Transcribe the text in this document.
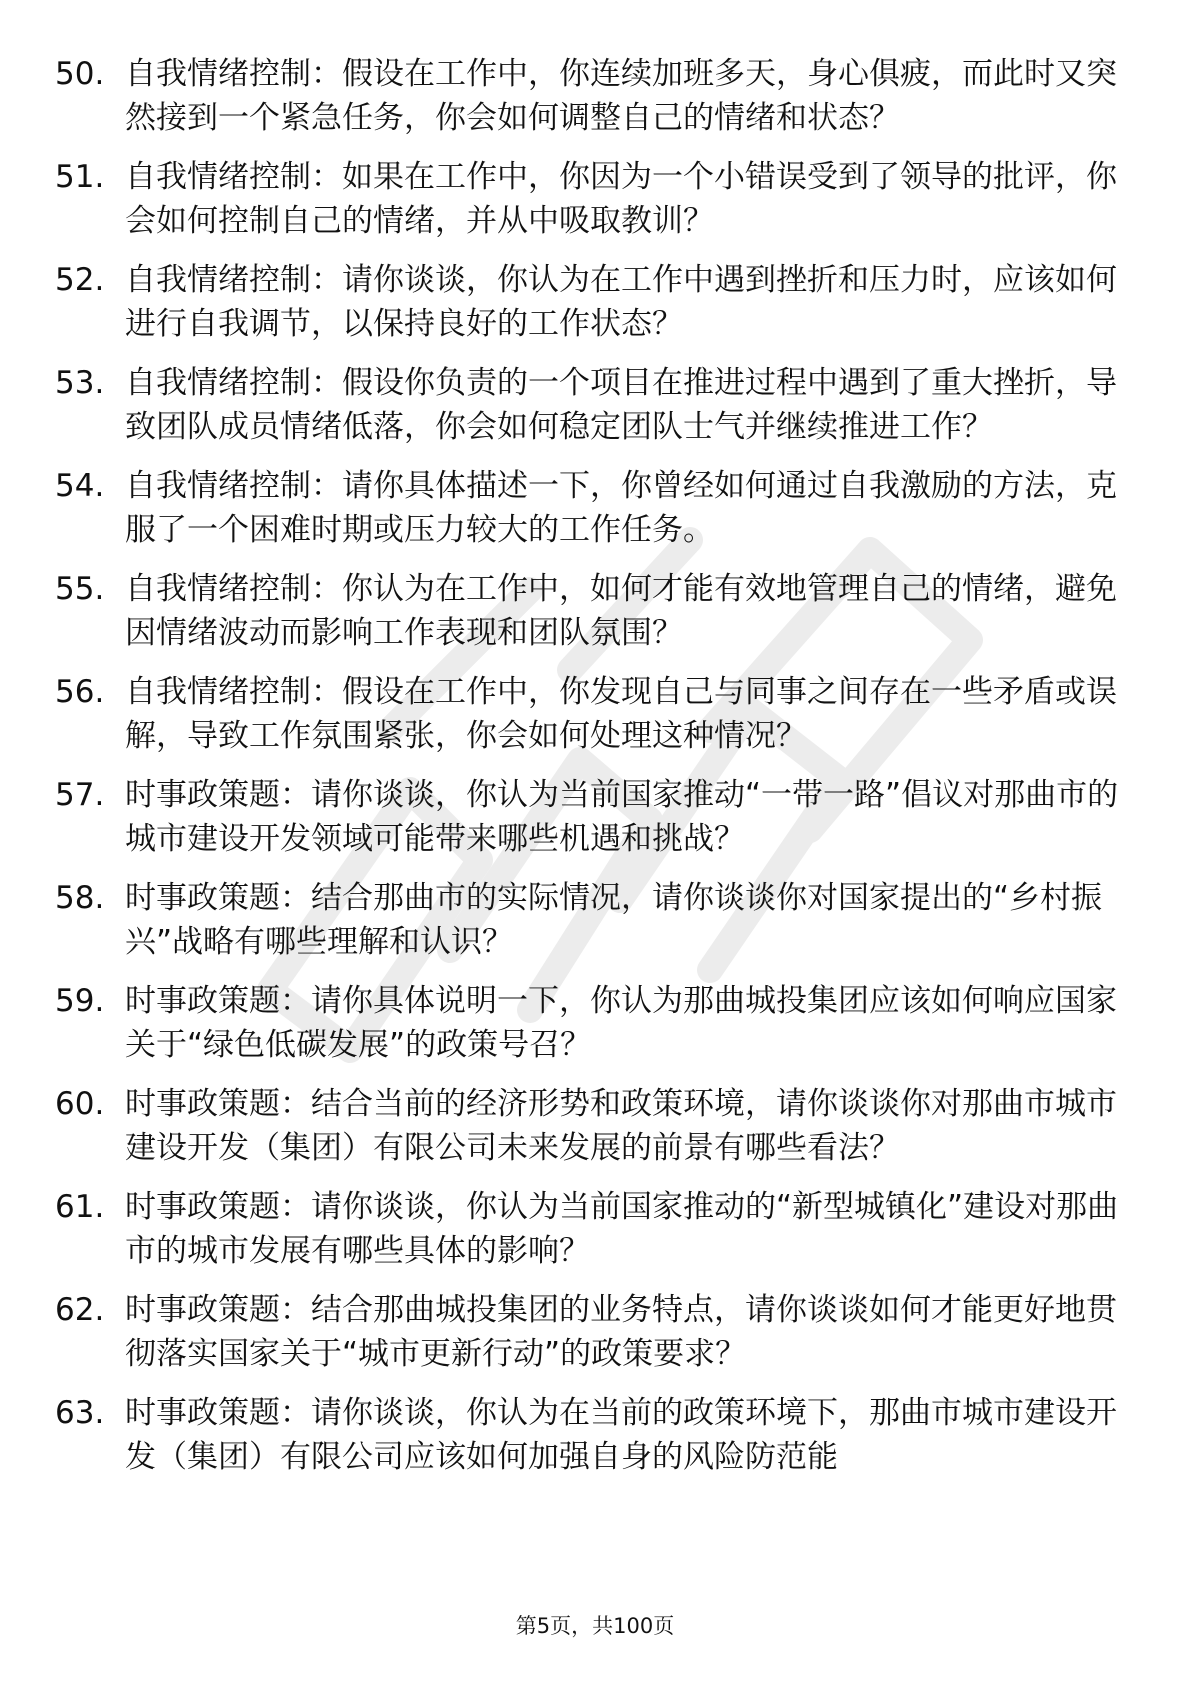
50. 自我情绪控制：假设在工作中，你连续加班多天，身心俱疲，而此时又突然接到一个紧急任务，你会如何调整自己的情绪和状态？
51. 自我情绪控制：如果在工作中，你因为一个小错误受到了领导的批评，你会如何控制自己的情绪，并从中吸取教训？
52. 自我情绪控制：请你谈谈，你认为在工作中遇到挫折和压力时，应该如何进行自我调节，以保持良好的工作状态？
53. 自我情绪控制：假设你负责的一个项目在推进过程中遇到了重大挫折，导致团队成员情绪低落，你会如何稳定团队士气并继续推进工作？
54. 自我情绪控制：请你具体描述一下，你曾经如何通过自我激励的方法，克服了一个困难时期或压力较大的工作任务。
55. 自我情绪控制：你认为在工作中，如何才能有效地管理自己的情绪，避免因情绪波动而影响工作表现和团队氛围？
56. 自我情绪控制：假设在工作中，你发现自己与同事之间存在一些矛盾或误解，导致工作氛围紧张，你会如何处理这种情况？
57. 时事政策题：请你谈谈，你认为当前国家推动“一带一路”倡议对那曲市的城市建设开发领域可能带来哪些机遇和挑战？
58. 时事政策题：结合那曲市的实际情况，请你谈谈你对国家提出的“乡村振兴”战略有哪些理解和认识？
59. 时事政策题：请你具体说明一下，你认为那曲城投集团应该如何响应国家关于“绿色低碳发展”的政策号召？
60. 时事政策题：结合当前的经济形势和政策环境，请你谈谈你对那曲市城市建设开发（集团）有限公司未来发展的前景有哪些看法？
61. 时事政策题：请你谈谈，你认为当前国家推动的“新型城镇化”建设对那曲市的城市发展有哪些具体的影响？
62. 时事政策题：结合那曲城投集团的业务特点，请你谈谈如何才能更好地贯彻落实国家关于“城市更新行动”的政策要求？
63. 时事政策题：请你谈谈，你认为在当前的政策环境下，那曲市城市建设开发（集团）有限公司应该如何加强自身的风险防范能
第5页，共100页
